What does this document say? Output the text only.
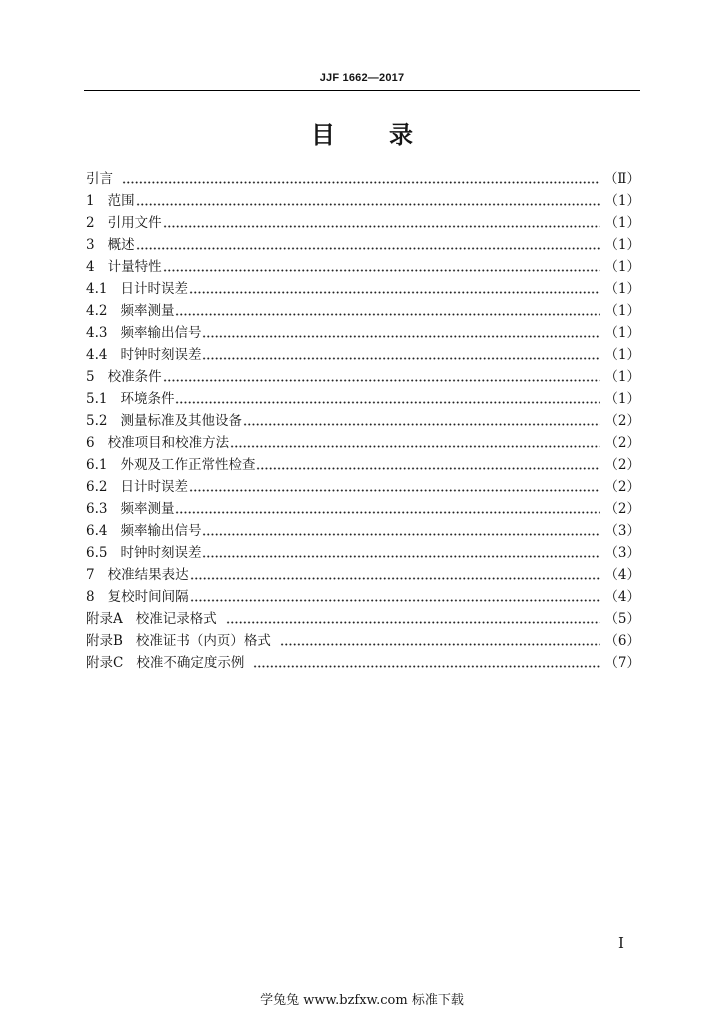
JJF 1662—2017
目　　录
引言	（Ⅱ）
1 范围	（1）
2 引用文件	（1）
3 概述	（1）
4 计量特性	（1）
4.1 日计时误差	（1）
4.2 频率测量	（1）
4.3 频率输出信号	（1）
4.4 时钟时刻误差	（1）
5 校准条件	（1）
5.1 环境条件	（1）
5.2 测量标准及其他设备	（2）
6 校准项目和校准方法	（2）
6.1 外观及工作正常性检查	（2）
6.2 日计时误差	（2）
6.3 频率测量	（2）
6.4 频率输出信号	（3）
6.5 时钟时刻误差	（3）
7 校准结果表达	（4）
8 复校时间间隔	（4）
附录A 校准记录格式	（5）
附录B 校准证书（内页）格式	（6）
附录C 校准不确定度示例	（7）
I
学兔兔 www.bzfxw.com 标准下载
